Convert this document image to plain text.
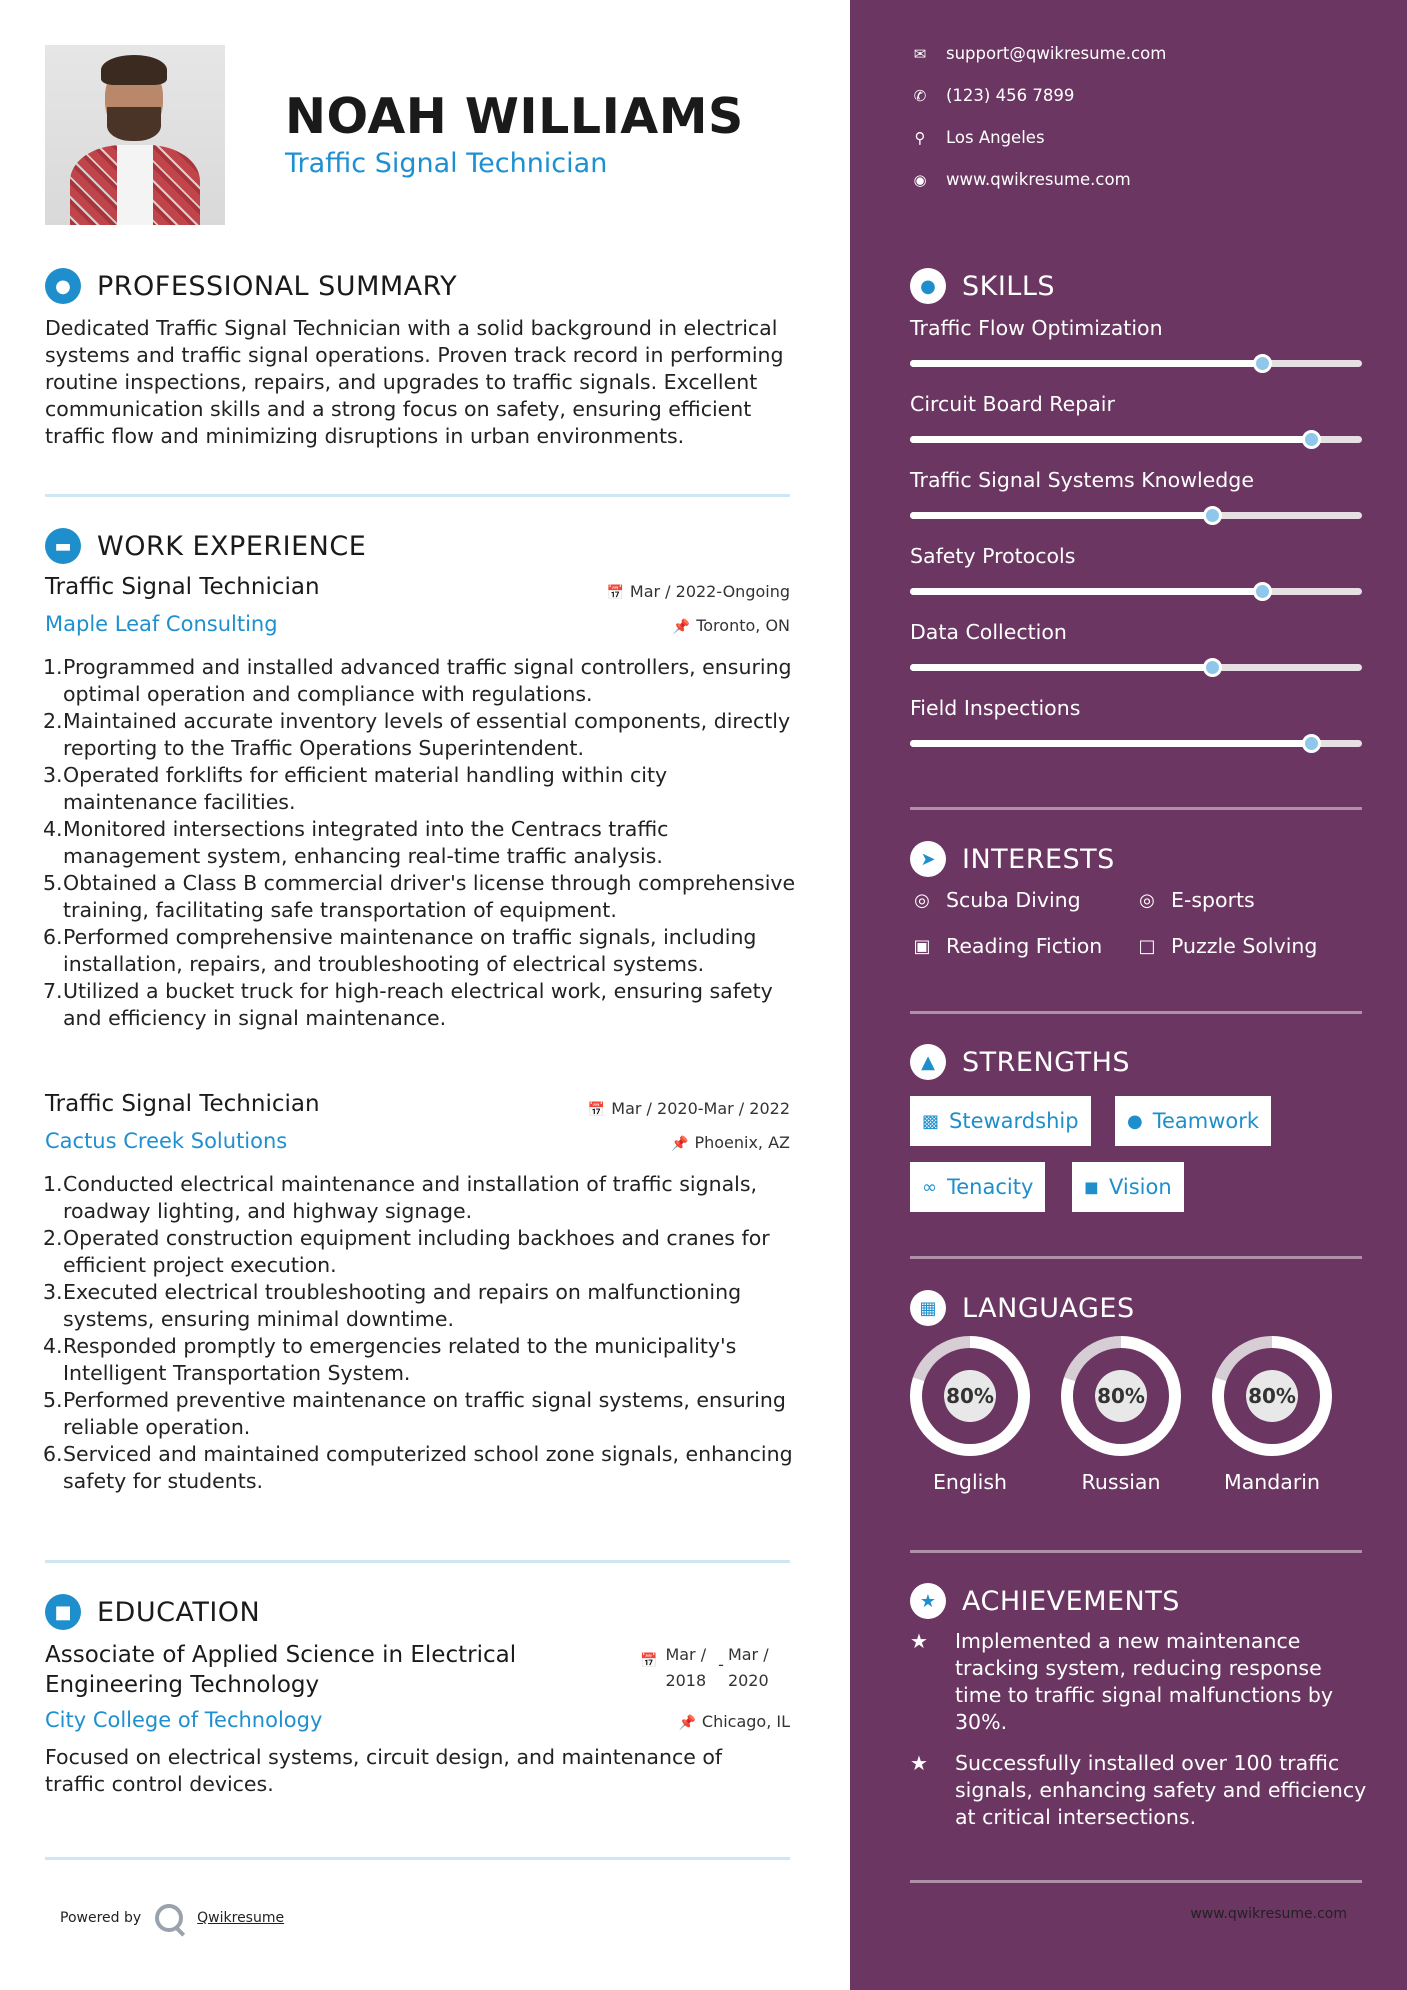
NOAH WILLIAMS
Traffic Signal Technician
● PROFESSIONAL SUMMARY
Dedicated Traffic Signal Technician with a solid background in electrical systems and traffic signal operations. Proven track record in performing routine inspections, repairs, and upgrades to traffic signals. Excellent communication skills and a strong focus on safety, ensuring efficient traffic flow and minimizing disruptions in urban environments.
▬ WORK EXPERIENCE
Traffic Signal Technician	📅 Mar / 2022-Ongoing
Maple Leaf Consulting	📌 Toronto, ON
1. Programmed and installed advanced traffic signal controllers, ensuring optimal operation and compliance with regulations.
2. Maintained accurate inventory levels of essential components, directly reporting to the Traffic Operations Superintendent.
3. Operated forklifts for efficient material handling within city maintenance facilities.
4. Monitored intersections integrated into the Centracs traffic management system, enhancing real-time traffic analysis.
5. Obtained a Class B commercial driver's license through comprehensive training, facilitating safe transportation of equipment.
6. Performed comprehensive maintenance on traffic signals, including installation, repairs, and troubleshooting of electrical systems.
7. Utilized a bucket truck for high-reach electrical work, ensuring safety and efficiency in signal maintenance.
Traffic Signal Technician	📅 Mar / 2020-Mar / 2022
Cactus Creek Solutions	📌 Phoenix, AZ
1. Conducted electrical maintenance and installation of traffic signals, roadway lighting, and highway signage.
2. Operated construction equipment including backhoes and cranes for efficient project execution.
3. Executed electrical troubleshooting and repairs on malfunctioning systems, ensuring minimal downtime.
4. Responded promptly to emergencies related to the municipality's Intelligent Transportation System.
5. Performed preventive maintenance on traffic signal systems, ensuring reliable operation.
6. Serviced and maintained computerized school zone signals, enhancing safety for students.
■ EDUCATION
Associate of Applied Science in Electrical Engineering Technology
📅 Mar /
2018
-
Mar /
2020
City College of Technology	📌 Chicago, IL
Focused on electrical systems, circuit design, and maintenance of traffic control devices.
Powered by	Qwikresume
✉ support@qwikresume.com
✆ (123) 456 7899
⚲ Los Angeles
◉ www.qwikresume.com
● SKILLS
Traffic Flow Optimization
Circuit Board Repair
Traffic Signal Systems Knowledge
Safety Protocols
Data Collection
Field Inspections
➤ INTERESTS
◎ Scuba Diving	◎ E-sports
▣ Reading Fiction □ Puzzle Solving
▲	STRENGTHS
▩ Stewardship	● Teamwork
∞ Tenacity	◼ Vision
▦ LANGUAGES
80%
English
80%
Russian
80%
Mandarin
★ ACHIEVEMENTS
★	Implemented a new maintenance tracking system, reducing response time to traffic signal malfunctions by 30%.
★	Successfully installed over 100 traffic signals, enhancing safety and efficiency at critical intersections.
www.qwikresume.com
